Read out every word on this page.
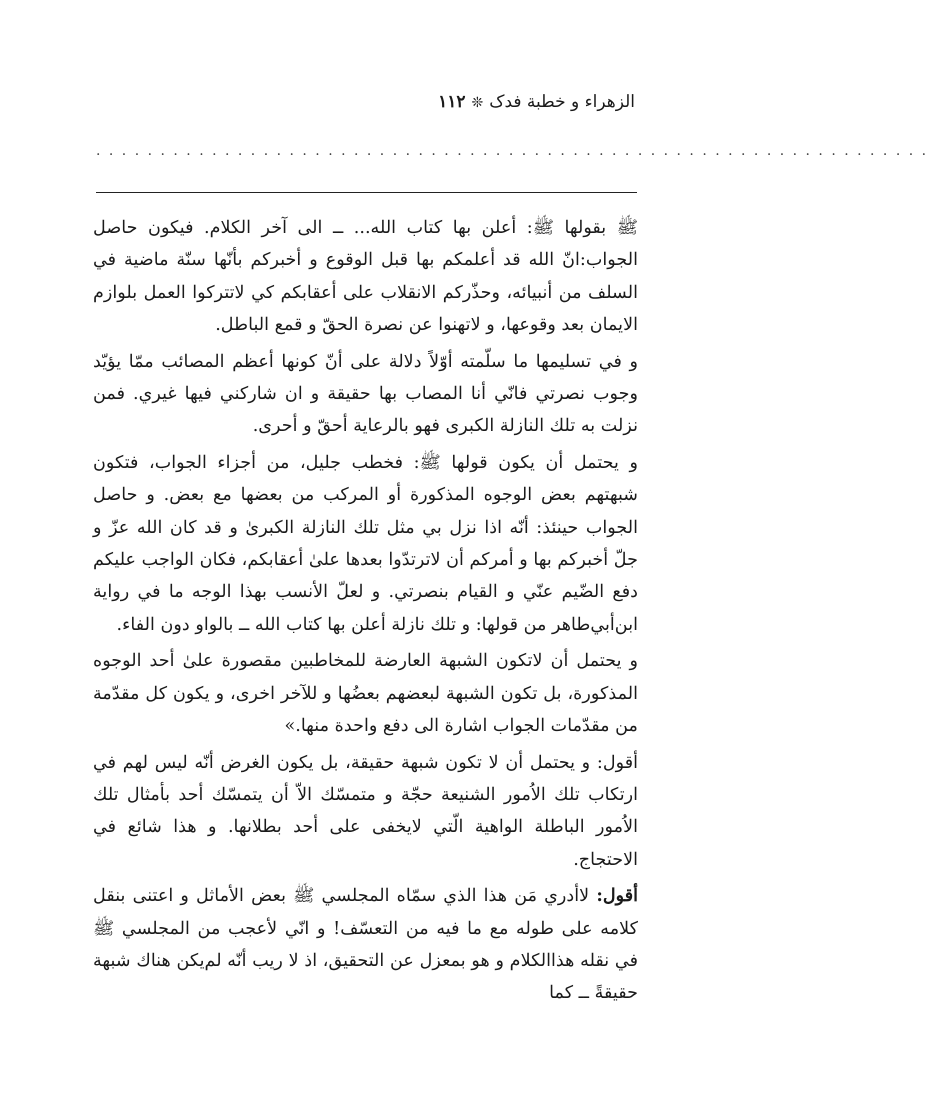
الزهراء و خطبة فدک❊۱۱۲
· · · · · · · · · · · · · · · · · · · · · · · · · · · · · · · · · · · · · · · · · · · · · · · · · · · · · · · · · · · · · · · · ·

ﷺ بقولها ﷺ: أعلن بها كتاب الله... ــ الى آخر الكلام. فيكون حاصل الجواب:انّ الله قد أعلمكم بها قبل الوقوع و أخبركم بأنّها سنّة ماضية في السلف من أنبيائه، وحذّركم الانقلاب على أعقابكم كي لاتتركوا العمل بلوازم الايمان بعد وقوعها، و لاتهنوا عن نصرة الحقّ و قمع الباطل.

و في تسليمها ما سلّمته أوّلاً دلالة على أنّ كونها أعظم المصائب ممّا يؤيّد وجوب نصرتي فانّي أنا المصاب بها حقيقة و ان شاركني فيها غيري. فمن نزلت به تلك النازلة الكبرى فهو بالرعاية أحقّ و أحرى.

و يحتمل أن يكون قولها ﷺ: فخطب جليل، من أجزاء الجواب، فتكون شبهتهم بعض الوجوه المذكورة أو المركب من بعضها مع بعض. و حاصل الجواب حينئذ: أنّه اذا نزل بي مثل تلك النازلة الكبرىٰ و قد كان الله عزّ و جلّ أخبركم بها و أمركم أن لاترتدّوا بعدها علىٰ أعقابكم، فكان الواجب عليكم دفع الضّيم عنّي و القيام بنصرتي. و لعلّ الأنسب بهذا الوجه ما في رواية ابن‌أبي‌طاهر من قولها: و تلك نازلة أعلن بها كتاب الله ــ بالواو دون الفاء.

و يحتمل أن لاتكون الشبهة العارضة للمخاطبين مقصورة علىٰ أحد الوجوه المذكورة، بل تكون الشبهة لبعضهم بعضُها و للآخر اخرى، و يكون كل مقدّمة من مقدّمات الجواب اشارة الى دفع واحدة منها.»

أقول: و يحتمل أن لا تكون شبهة حقيقة، بل يكون الغرض أنّه ليس لهم في ارتكاب تلك الاُمور الشنيعة حجّة و متمسّك الاّ أن يتمسّك أحد بأمثال تلك الاُمور الباطلة الواهية الّتي لايخفى على أحد بطلانها. و هذا شائع في الاحتجاج.

أقول: لاأدري مَن هذا الذي سمّاه المجلسي ﷺ بعض الأماثل و اعتنى بنقل كلامه على طوله مع ما فيه من التعسّف! و انّي لأعجب من المجلسي ﷺ في نقله هذاالكلام و هو بمعزل عن التحقيق، اذ لا ريب أنّه لم‌يكن هناك شبهة حقيقةً ــ كما
